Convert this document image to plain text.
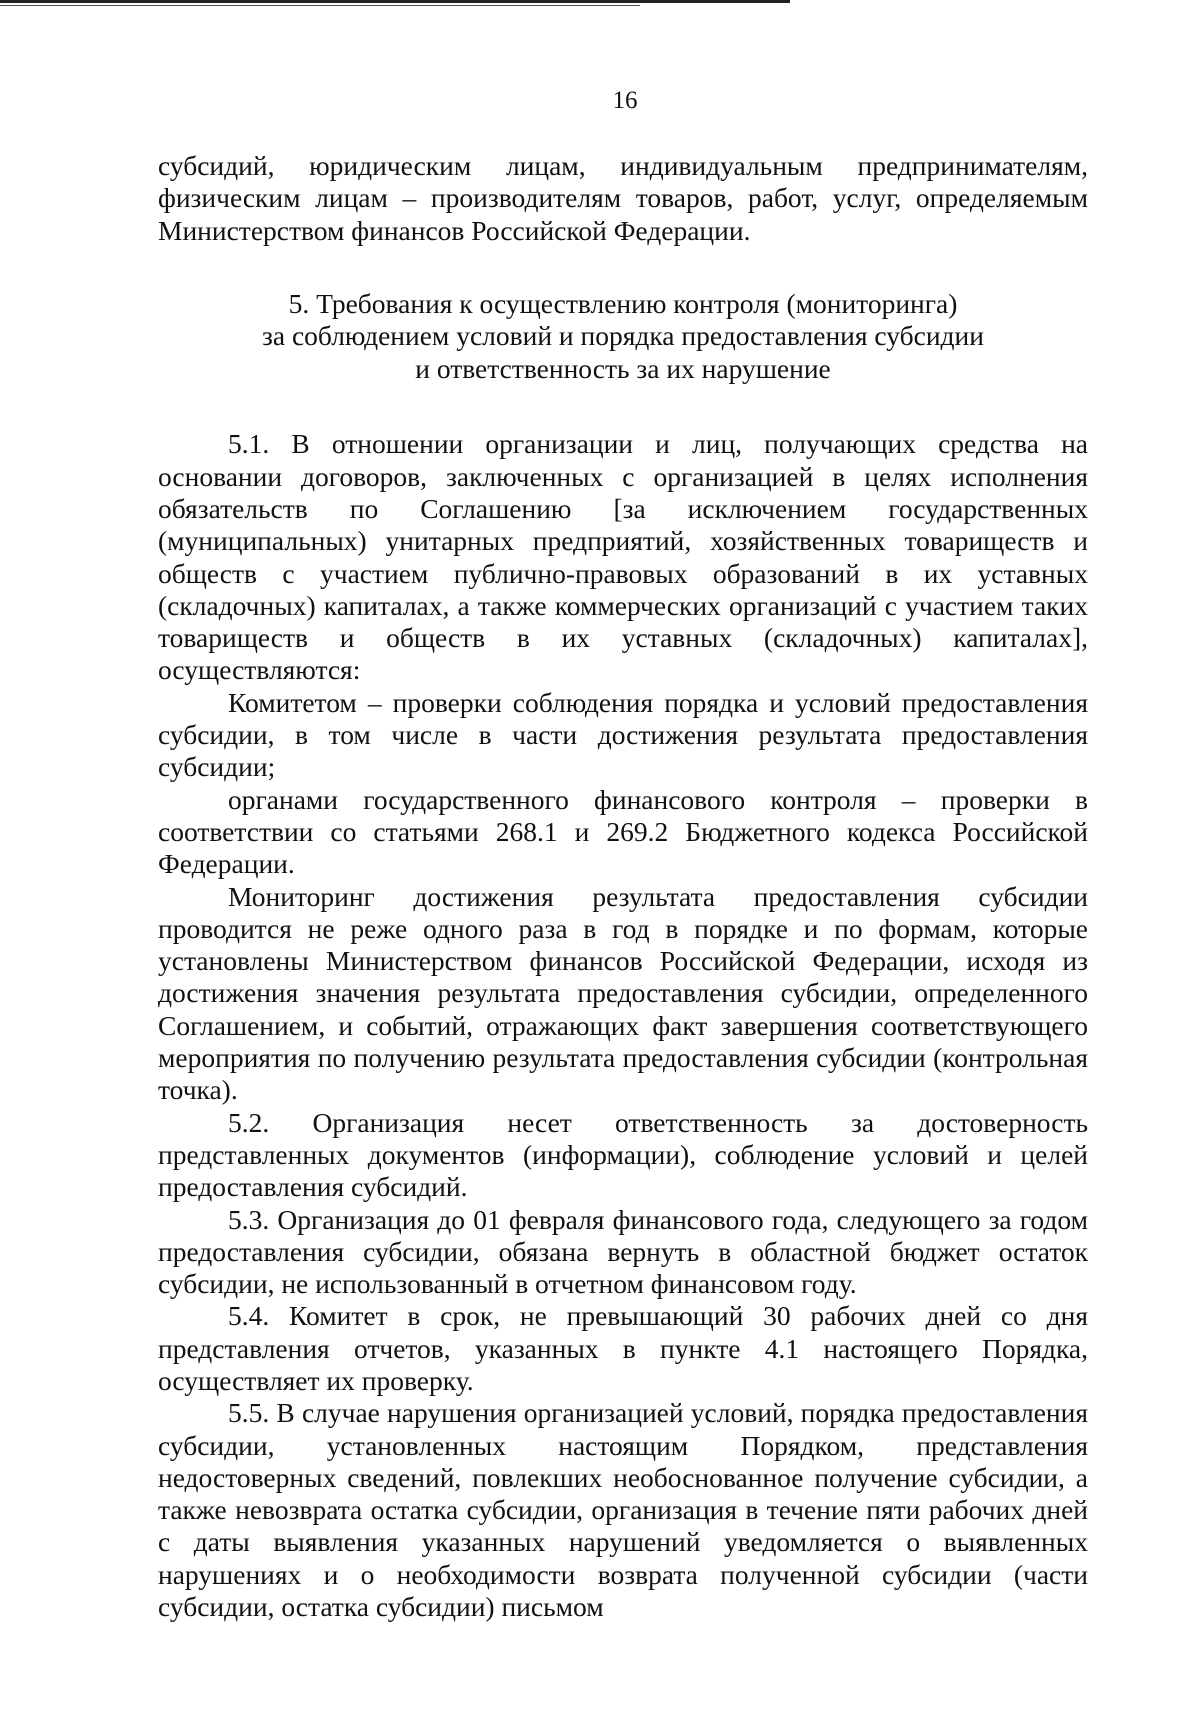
16

субсидий, юридическим лицам, индивидуальным предпринимателям, физическим лицам – производителям товаров, работ, услуг, определяемым Министерством финансов Российской Федерации.

5. Требования к осуществлению контроля (мониторинга)
за соблюдением условий и порядка предоставления субсидии
и ответственность за их нарушение

5.1. В отношении организации и лиц, получающих средства на основании договоров, заключенных с организацией в целях исполнения обязательств по Соглашению [за исключением государственных (муниципальных) унитарных предприятий, хозяйственных товариществ и обществ с участием публично-правовых образований в их уставных (складочных) капиталах, а также коммерческих организаций с участием таких товариществ и обществ в их уставных (складочных) капиталах], осуществляются:

Комитетом – проверки соблюдения порядка и условий предоставления субсидии, в том числе в части достижения результата предоставления субсидии;

органами государственного финансового контроля – проверки в соответствии со статьями 268.1 и 269.2 Бюджетного кодекса Российской Федерации.

Мониторинг достижения результата предоставления субсидии проводится не реже одного раза в год в порядке и по формам, которые установлены Министерством финансов Российской Федерации, исходя из достижения значения результата предоставления субсидии, определенного Соглашением, и событий, отражающих факт завершения соответствующего мероприятия по получению результата предоставления субсидии (контрольная точка).

5.2. Организация несет ответственность за достоверность представленных документов (информации), соблюдение условий и целей предоставления субсидий.

5.3. Организация до 01 февраля финансового года, следующего за годом предоставления субсидии, обязана вернуть в областной бюджет остаток субсидии, не использованный в отчетном финансовом году.

5.4. Комитет в срок, не превышающий 30 рабочих дней со дня представления отчетов, указанных в пункте 4.1 настоящего Порядка, осуществляет их проверку.

5.5. В случае нарушения организацией условий, порядка предоставления субсидии, установленных настоящим Порядком, представления недостоверных сведений, повлекших необоснованное получение субсидии, а также невозврата остатка субсидии, организация в течение пяти рабочих дней с даты выявления указанных нарушений уведомляется о выявленных нарушениях и о необходимости возврата полученной субсидии (части субсидии, остатка субсидии) письмом
